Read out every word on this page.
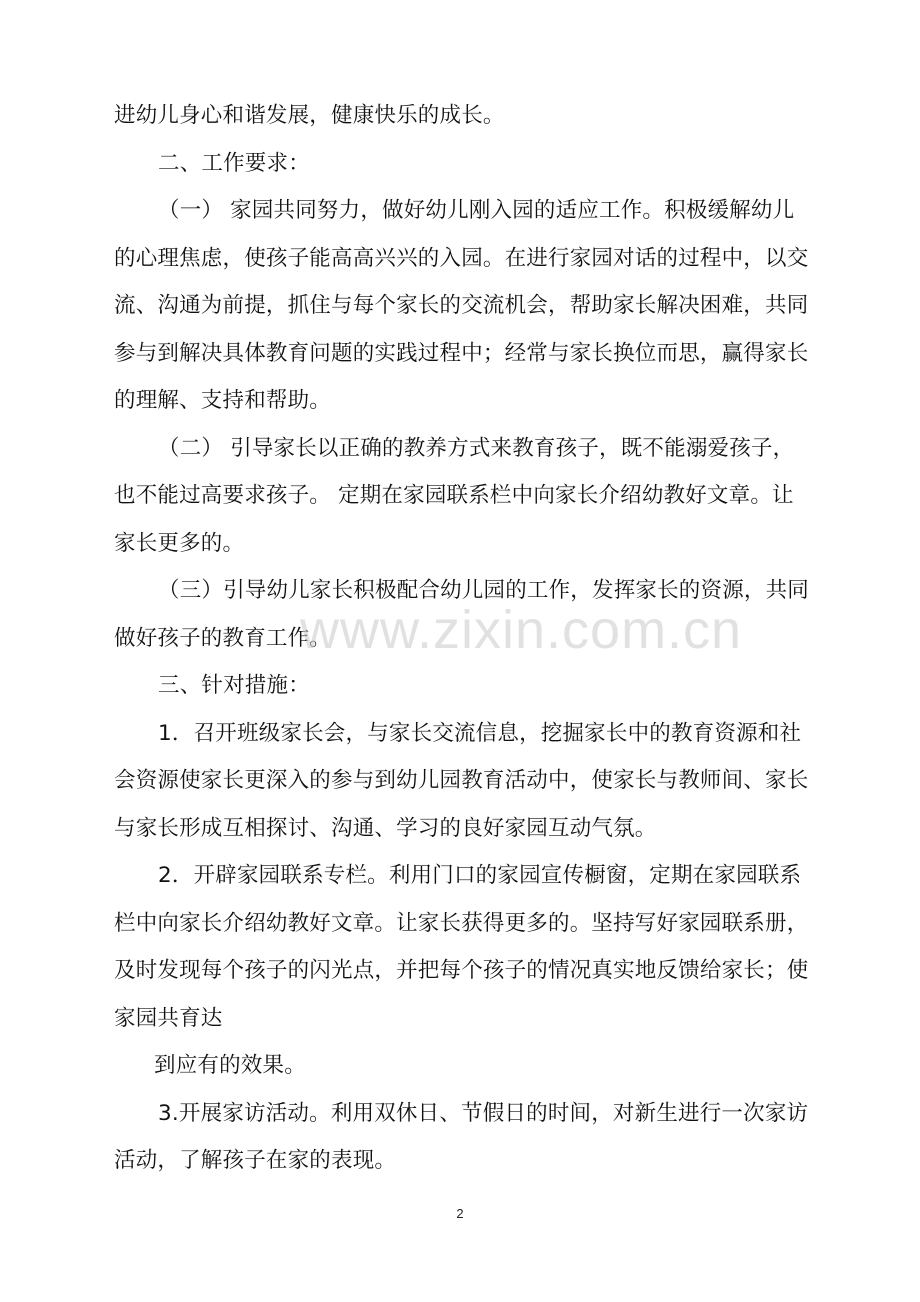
进幼儿身心和谐发展，健康快乐的成长。
二、工作要求：
（一） 家园共同努力，做好幼儿刚入园的适应工作。积极缓解幼儿
的心理焦虑，使孩子能高高兴兴的入园。在进行家园对话的过程中，以交
流、沟通为前提，抓住与每个家长的交流机会，帮助家长解决困难，共同
参与到解决具体教育问题的实践过程中；经常与家长换位而思，赢得家长
的理解、支持和帮助。
（二） 引导家长以正确的教养方式来教育孩子，既不能溺爱孩子，
也不能过高要求孩子。 定期在家园联系栏中向家长介绍幼教好文章。让
家长更多的。
（三）引导幼儿家长积极配合幼儿园的工作，发挥家长的资源，共同
做好孩子的教育工作。
三、针对措施：
1．召开班级家长会，与家长交流信息，挖掘家长中的教育资源和社
会资源使家长更深入的参与到幼儿园教育活动中，使家长与教师间、家长
与家长形成互相探讨、沟通、学习的良好家园互动气氛。
2．开辟家园联系专栏。利用门口的家园宣传橱窗，定期在家园联系
栏中向家长介绍幼教好文章。让家长获得更多的。坚持写好家园联系册，
及时发现每个孩子的闪光点，并把每个孩子的情况真实地反馈给家长；使
家园共育达
到应有的效果。
3.开展家访活动。利用双休日、节假日的时间，对新生进行一次家访
活动，了解孩子在家的表现。
www.zixin.com.cn
2
